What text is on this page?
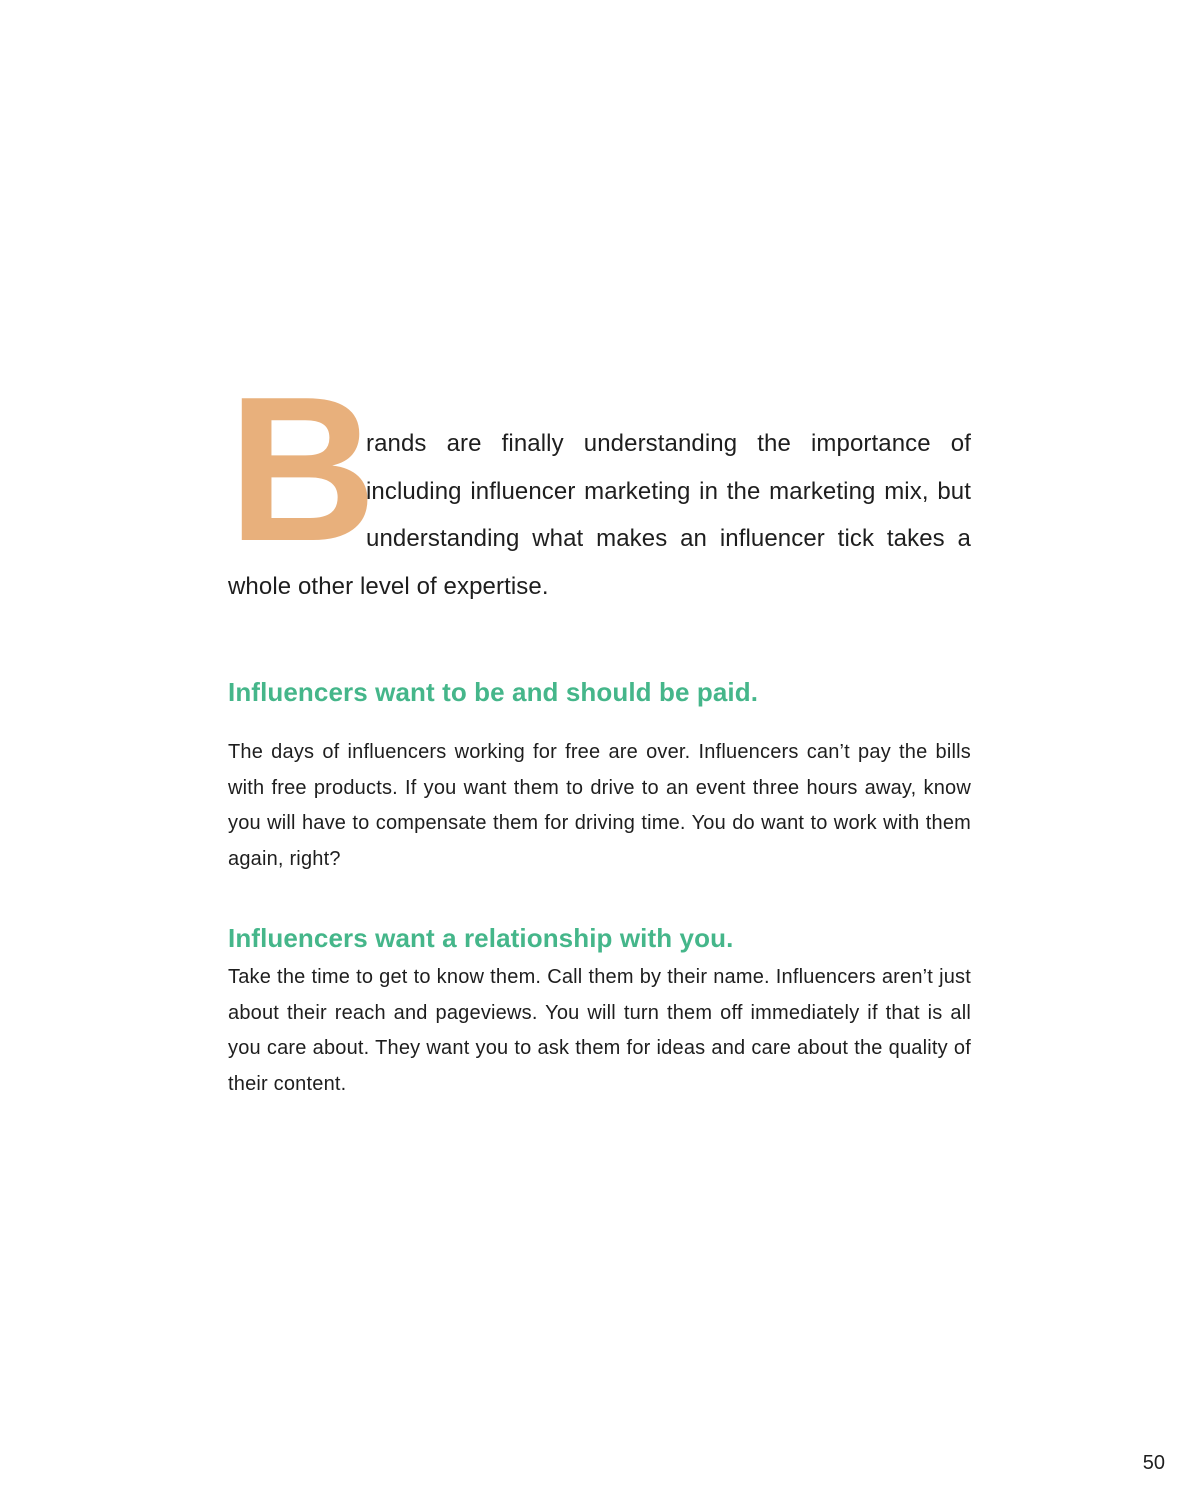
B
rands are finally understanding the importance of including influencer marketing in the marketing mix, but understanding what makes an influencer tick takes a whole other level of expertise.

Influencers want to be and should be paid.

The days of influencers working for free are over. Influencers can’t pay the bills with free products. If you want them to drive to an event three hours away, know you will have to compensate them for driving time. You do want to work with them again, right?

Influencers want a relationship with you.

Take the time to get to know them. Call them by their name. Influencers aren’t just about their reach and pageviews. You will turn them off immediately if that is all you care about. They want you to ask them for ideas and care about the quality of their content.

50
